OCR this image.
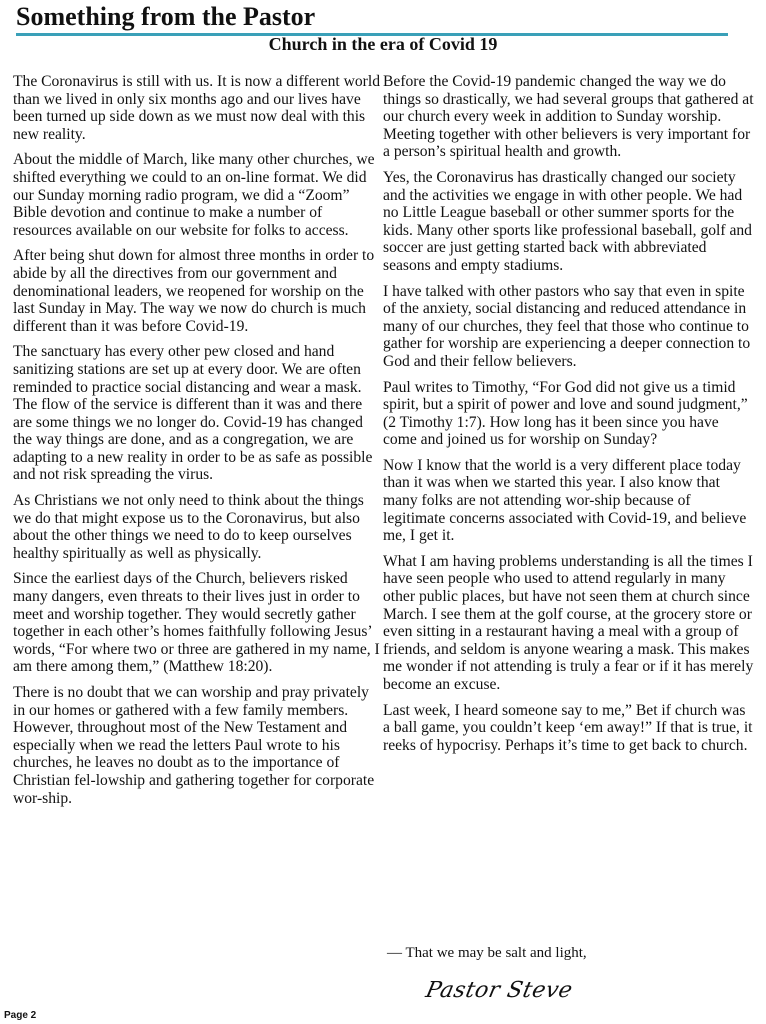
Something from the Pastor
Church in the era of Covid 19

The Coronavirus is still with us. It is now a different world than we lived in only six months ago and our lives have been turned up side down as we must now deal with this new reality.

About the middle of March, like many other churches, we shifted everything we could to an on-line format. We did our Sunday morning radio program, we did a “Zoom” Bible devotion and continue to make a number of resources available on our website for folks to access.

After being shut down for almost three months in order to abide by all the directives from our government and denominational leaders, we reopened for worship on the last Sunday in May. The way we now do church is much different than it was before Covid-19.

The sanctuary has every other pew closed and hand sanitizing stations are set up at every door. We are often reminded to practice social distancing and wear a mask. The flow of the service is different than it was and there are some things we no longer do. Covid-19 has changed the way things are done, and as a congregation, we are adapting to a new reality in order to be as safe as possible and not risk spreading the virus.

As Christians we not only need to think about the things we do that might expose us to the Coronavirus, but also about the other things we need to do to keep ourselves healthy spiritually as well as physically.

Since the earliest days of the Church, believers risked many dangers, even threats to their lives just in order to meet and worship together. They would secretly gather together in each other’s homes faithfully following Jesus’ words, “For where two or three are gathered in my name, I am there among them,” (Matthew 18:20).

There is no doubt that we can worship and pray privately in our homes or gathered with a few family members. However, throughout most of the New Testament and especially when we read the letters Paul wrote to his churches, he leaves no doubt as to the importance of Christian fel-lowship and gathering together for corporate wor-ship.

Before the Covid-19 pandemic changed the way we do things so drastically, we had several groups that gathered at our church every week in addition to Sunday worship. Meeting together with other believers is very important for a person’s spiritual health and growth.

Yes, the Coronavirus has drastically changed our society and the activities we engage in with other people. We had no Little League baseball or other summer sports for the kids. Many other sports like professional baseball, golf and soccer are just getting started back with abbreviated seasons and empty stadiums.

I have talked with other pastors who say that even in spite of the anxiety, social distancing and reduced attendance in many of our churches, they feel that those who continue to gather for worship are experiencing a deeper connection to God and their fellow believers.

Paul writes to Timothy, “For God did not give us a timid spirit, but a spirit of power and love and sound judgment,” (2 Timothy 1:7). How long has it been since you have come and joined us for worship on Sunday?

Now I know that the world is a very different place today than it was when we started this year. I also know that many folks are not attending wor-ship because of legitimate concerns associated with Covid-19, and believe me, I get it.

What I am having problems understanding is all the times I have seen people who used to attend regularly in many other public places, but have not seen them at church since March. I see them at the golf course, at the grocery store or even sitting in a restaurant having a meal with a group of friends, and seldom is anyone wearing a mask. This makes me wonder if not attending is truly a fear or if it has merely become an excuse.

Last week, I heard someone say to me,” Bet if church was a ball game, you couldn’t keep ‘em away!” If that is true, it reeks of hypocrisy. Perhaps it’s time to get back to church.

— That we may be salt and light,
Pastor Steve
Page 2
